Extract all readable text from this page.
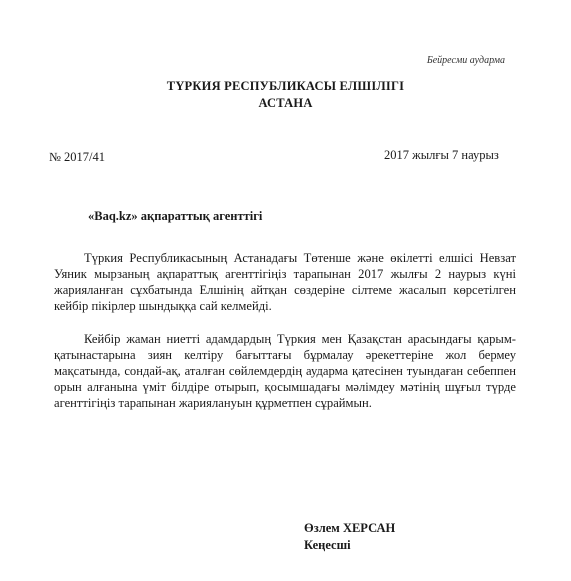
Бейресми аударма
ТҮРКИЯ РЕСПУБЛИКАСЫ ЕЛШІЛІГІ
АСТАНА
№ 2017/41	2017 жылғы 7 наурыз
«Baq.kz» ақпараттық агенттігі

Түркия Республикасының Астанадағы Төтенше және өкілетті елшісі Невзат Уяник мырзаның ақпараттық агенттігіңіз тарапынан 2017 жылғы 2 наурыз күні жарияланған сұхбатында Елшінің айтқан сөздеріне сілтеме жасалып көрсетілген кейбір пікірлер шындыққа сай келмейді.

Кейбір жаман ниетті адамдардың Түркия мен Қазақстан арасындағы қарым-қатынастарына зиян келтіру бағыттағы бұрмалау әрекеттеріне жол бермеу мақсатында, сондай-ақ, аталған сөйлемдердің аударма қатесінен туындаған себеппен орын алғанына үміт білдіре отырып, қосымшадағы мәлімдеу мәтінің шұғыл түрде агенттігіңіз тарапынан жариялануын құрметпен сұраймын.

Өзлем ХЕРСАН
Кеңесші
